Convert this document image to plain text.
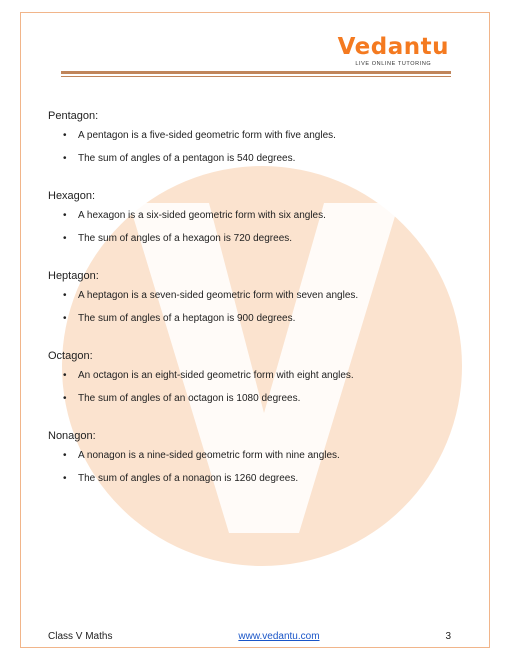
Vedantu
LIVE ONLINE TUTORING

Pentagon:

• A pentagon is a five-sided geometric form with five angles.
• The sum of angles of a pentagon is 540 degrees.

Hexagon:

• A hexagon is a six-sided geometric form with six angles.
• The sum of angles of a hexagon is 720 degrees.

Heptagon:

• A heptagon is a seven-sided geometric form with seven angles.
• The sum of angles of a heptagon is 900 degrees.

Octagon:

• An octagon is an eight-sided geometric form with eight angles.
• The sum of angles of an octagon is 1080 degrees.

Nonagon:

• A nonagon is a nine-sided geometric form with nine angles.
• The sum of angles of a nonagon is 1260 degrees.
Class V Maths	www.vedantu.com	3
